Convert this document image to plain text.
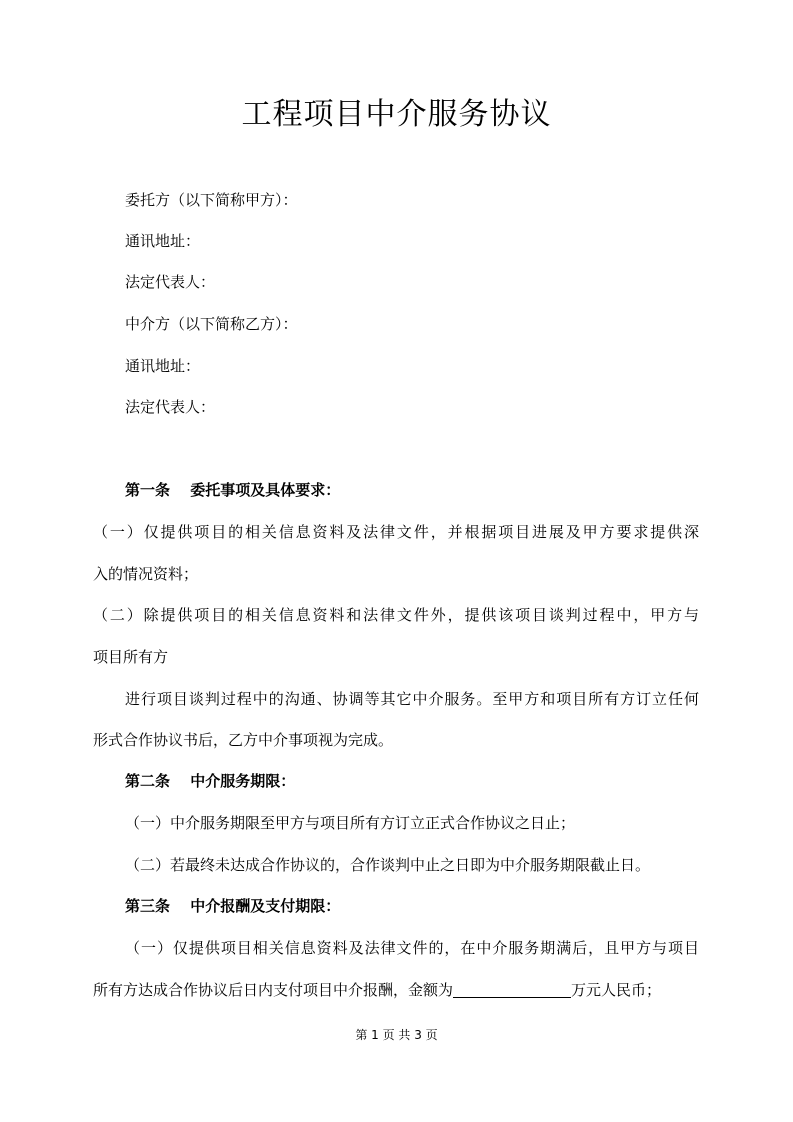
工程项目中介服务协议
委托方（以下简称甲方）：
通讯地址：
法定代表人：
中介方（以下简称乙方）：
通讯地址：
法定代表人：
第一条　 委托事项及具体要求：
（一）仅提供项目的相关信息资料及法律文件，并根据项目进展及甲方要求提供深
入的情况资料；
（二）除提供项目的相关信息资料和法律文件外，提供该项目谈判过程中，甲方与
项目所有方
进行项目谈判过程中的沟通、协调等其它中介服务。至甲方和项目所有方订立任何
形式合作协议书后，乙方中介事项视为完成。
第二条　 中介服务期限：
（一）中介服务期限至甲方与项目所有方订立正式合作协议之日止；
（二）若最终未达成合作协议的，合作谈判中止之日即为中介服务期限截止日。
第三条　 中介报酬及支付期限：
（一）仅提供项目相关信息资料及法律文件的，在中介服务期满后，且甲方与项目
所有方达成合作协议后日内支付项目中介报酬，金额为	万元人民币；
第 1 页 共 3 页
